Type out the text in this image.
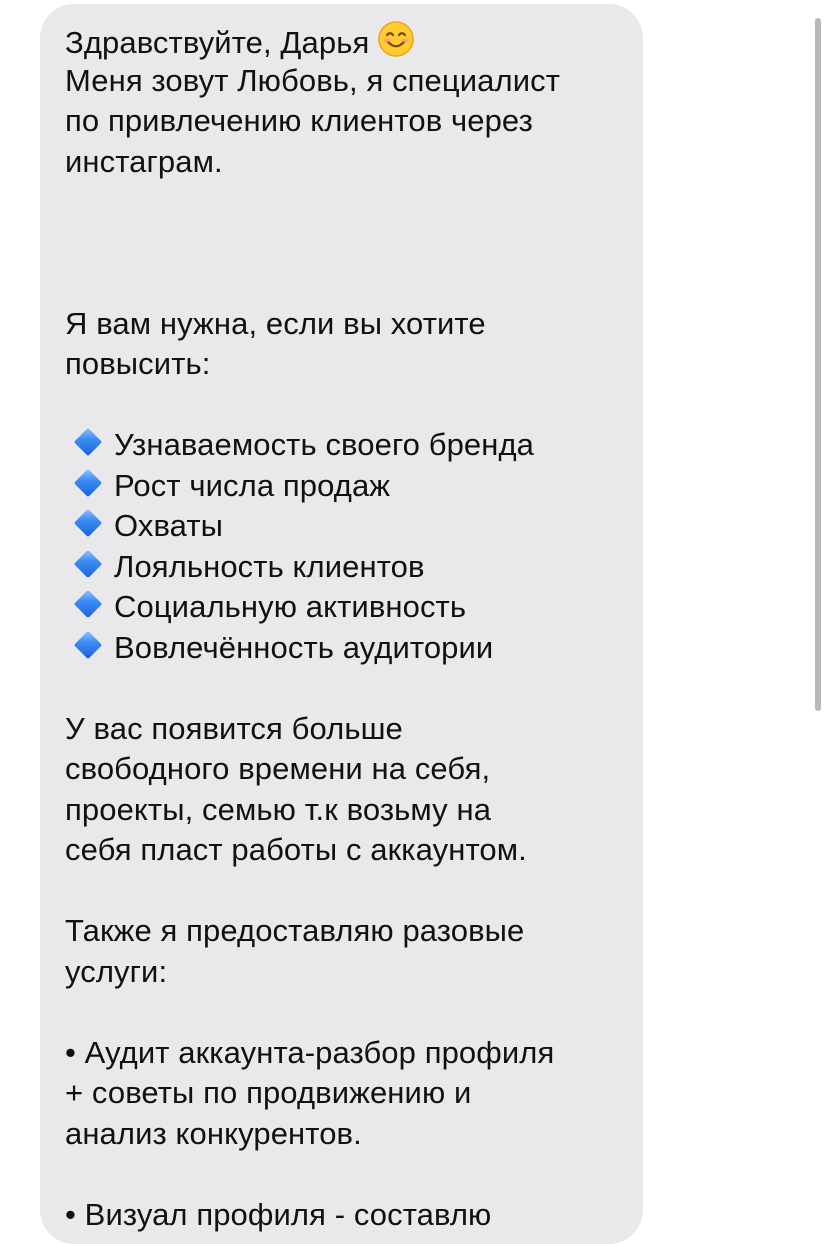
Здравствуйте, Дарья
Меня зовут Любовь, я специалист
по привлечению клиентов через
инстаграм.
Я вам нужна, если вы хотите
повысить:
Узнаваемость своего бренда
Рост числа продаж
Охваты
Лояльность клиентов
Социальную активность
Вовлечённость аудитории
У вас появится больше
свободного времени на себя,
проекты, семью т.к возьму на
себя пласт работы с аккаунтом.
Также я предоставляю разовые
услуги:
• Аудит аккаунта-разбор профиля
+ советы по продвижению и
анализ конкурентов.
• Визуал профиля - составлю
